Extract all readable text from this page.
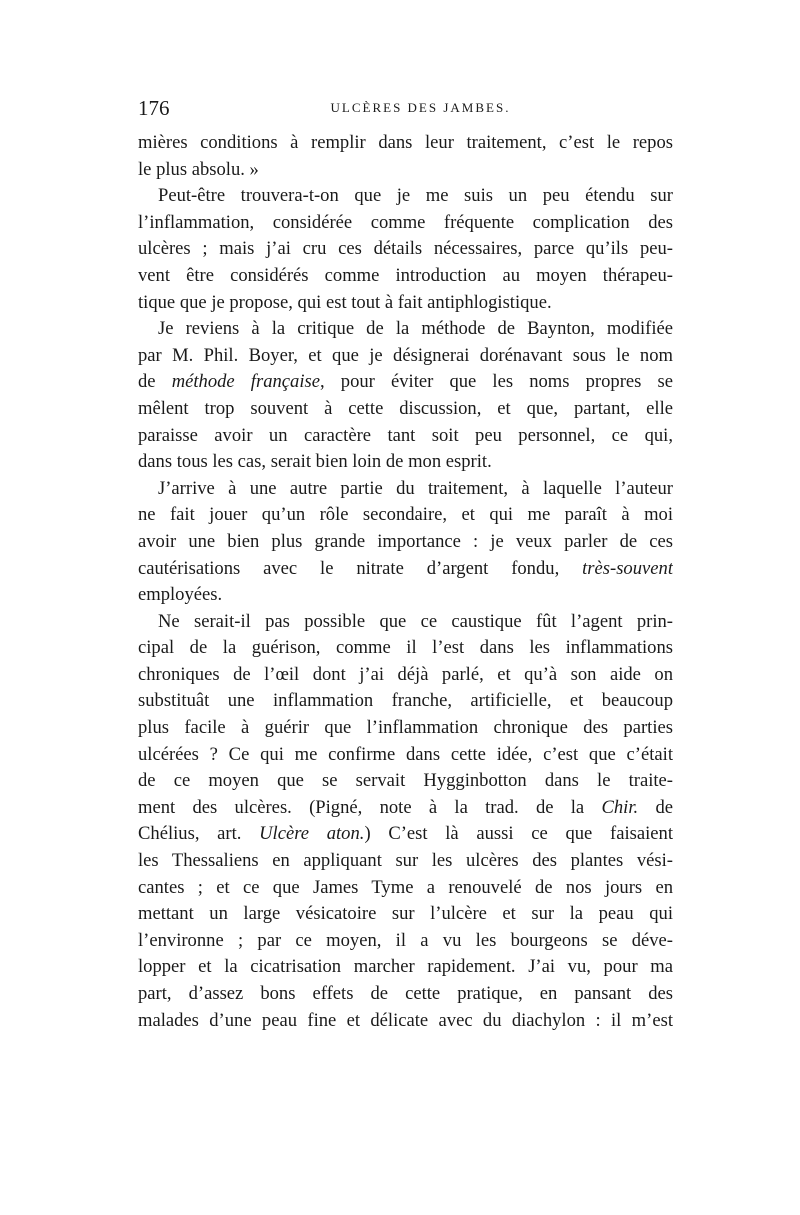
176	ULCÈRES DES JAMBES.
mières conditions à remplir dans leur traitement, c’est le repos
le plus absolu. »
Peut-être trouvera-t-on que je me suis un peu étendu sur
l’inflammation, considérée comme fréquente complication des
ulcères ; mais j’ai cru ces détails nécessaires, parce qu’ils peu-
vent être considérés comme introduction au moyen thérapeu-
tique que je propose, qui est tout à fait antiphlogistique.
Je reviens à la critique de la méthode de Baynton, modifiée
par M. Phil. Boyer, et que je désignerai dorénavant sous le nom
de méthode française, pour éviter que les noms propres se
mêlent trop souvent à cette discussion, et que, partant, elle
paraisse avoir un caractère tant soit peu personnel, ce qui,
dans tous les cas, serait bien loin de mon esprit.
J’arrive à une autre partie du traitement, à laquelle l’auteur
ne fait jouer qu’un rôle secondaire, et qui me paraît à moi
avoir une bien plus grande importance : je veux parler de ces
cautérisations avec le nitrate d’argent fondu, très-souvent
employées.
Ne serait-il pas possible que ce caustique fût l’agent prin-
cipal de la guérison, comme il l’est dans les inflammations
chroniques de l’œil dont j’ai déjà parlé, et qu’à son aide on
substituât une inflammation franche, artificielle, et beaucoup
plus facile à guérir que l’inflammation chronique des parties
ulcérées ? Ce qui me confirme dans cette idée, c’est que c’était
de ce moyen que se servait Hygginbotton dans le traite-
ment des ulcères. (Pigné, note à la trad. de la Chir. de
Chélius, art. Ulcère aton.) C’est là aussi ce que faisaient
les Thessaliens en appliquant sur les ulcères des plantes vési-
cantes ; et ce que James Tyme a renouvelé de nos jours en
mettant un large vésicatoire sur l’ulcère et sur la peau qui
l’environne ; par ce moyen, il a vu les bourgeons se déve-
lopper et la cicatrisation marcher rapidement. J’ai vu, pour ma
part, d’assez bons effets de cette pratique, en pansant des
malades d’une peau fine et délicate avec du diachylon : il m’est
